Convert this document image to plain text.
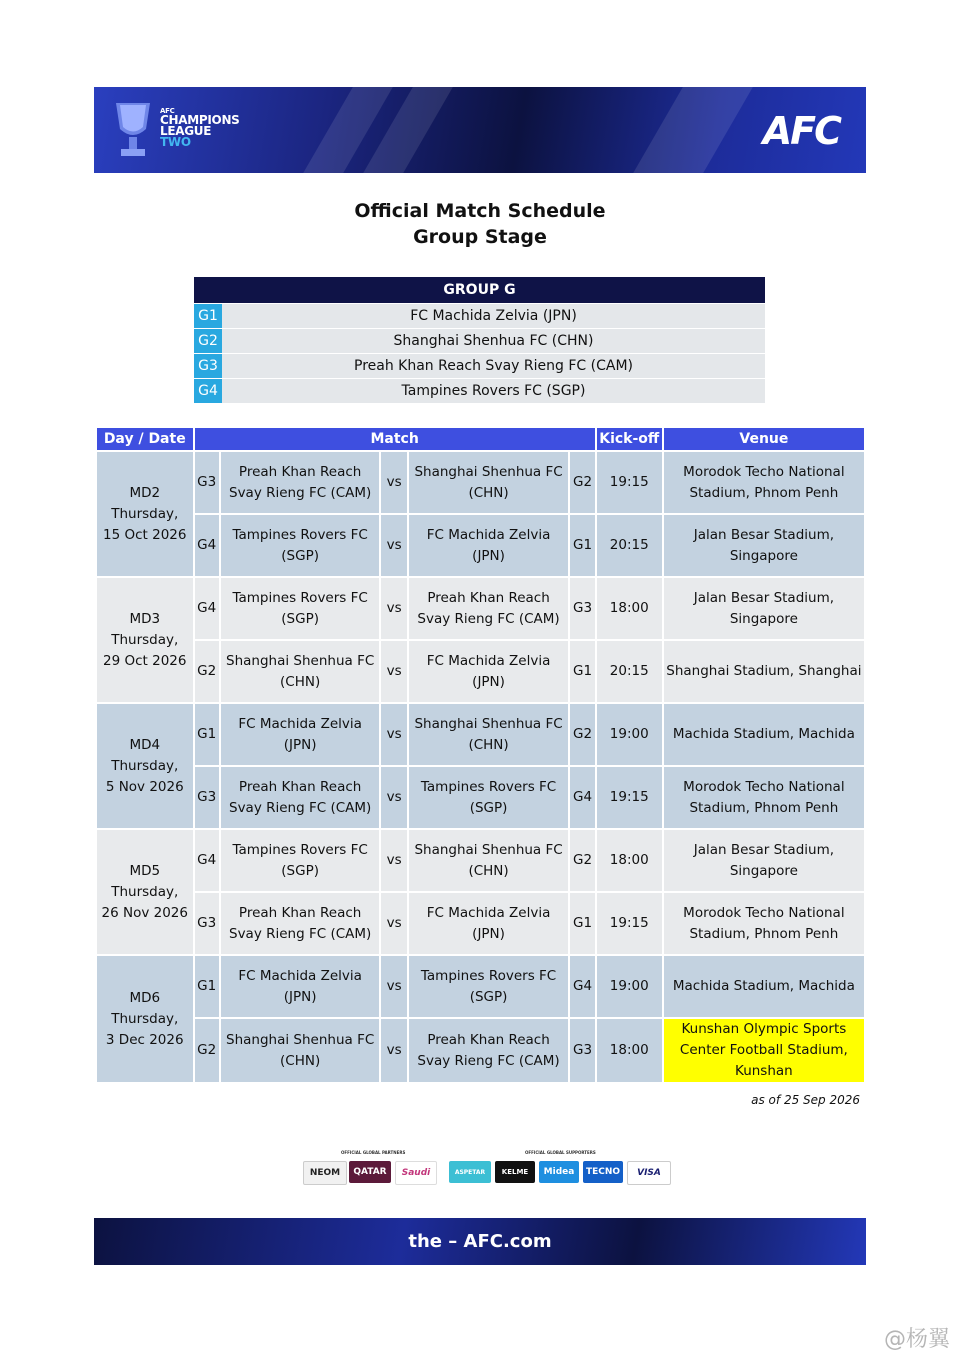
AFC
CHAMPIONS
LEAGUE
TWO	AFC
Official Match Schedule
Group Stage
GROUP G	
G1	FC Machida Zelvia (JPN)
G2	Shanghai Shenhua FC (CHN)
G3	Preah Khan Reach Svay Rieng FC (CAM)
G4	Tampines Rovers FC (SGP)
Day / Date	Match					Kick-off	Venue

MD2
Thursday,
15 Oct 2026	G3	Preah Khan Reach Svay Rieng FC (CAM)	vs	Shanghai Shenhua FC (CHN)	G2	19:15	Morodok Techo National Stadium, Phnom Penh
	G4	Tampines Rovers FC (SGP)	vs	FC Machida Zelvia (JPN)	G1	20:15	Jalan Besar Stadium, Singapore

MD3
Thursday,
29 Oct 2026	G4	Tampines Rovers FC (SGP)	vs	Preah Khan Reach Svay Rieng FC (CAM)	G3	18:00	Jalan Besar Stadium, Singapore
	G2	Shanghai Shenhua FC (CHN)	vs	FC Machida Zelvia (JPN)	G1	20:15	Shanghai Stadium, Shanghai

MD4
Thursday,
5 Nov 2026	G1	FC Machida Zelvia (JPN)	vs	Shanghai Shenhua FC (CHN)	G2	19:00	Machida Stadium, Machida
	G3	Preah Khan Reach Svay Rieng FC (CAM)	vs	Tampines Rovers FC (SGP)	G4	19:15	Morodok Techo National Stadium, Phnom Penh

MD5
Thursday,
26 Nov 2026	G4	Tampines Rovers FC (SGP)	vs	Shanghai Shenhua FC (CHN)	G2	18:00	Jalan Besar Stadium, Singapore
	G3	Preah Khan Reach Svay Rieng FC (CAM)	vs	FC Machida Zelvia (JPN)	G1	19:15	Morodok Techo National Stadium, Phnom Penh

MD6
Thursday,
3 Dec 2026	G1	FC Machida Zelvia (JPN)	vs	Tampines Rovers FC (SGP)	G4	19:00	Machida Stadium, Machida
	G2	Shanghai Shenhua FC (CHN)	vs	Preah Khan Reach Svay Rieng FC (CAM)	G3	18:00	Kunshan Olympic Sports Center Football Stadium, Kunshan
as of 25 Sep 2026
OFFICIAL GLOBAL PARTNERS	OFFICIAL GLOBAL SUPPORTERS
NEOM	QATAR	Saudi	ASPETAR	KELME	Midea	TECNO	VISA
the – AFC.com
@杨翼
